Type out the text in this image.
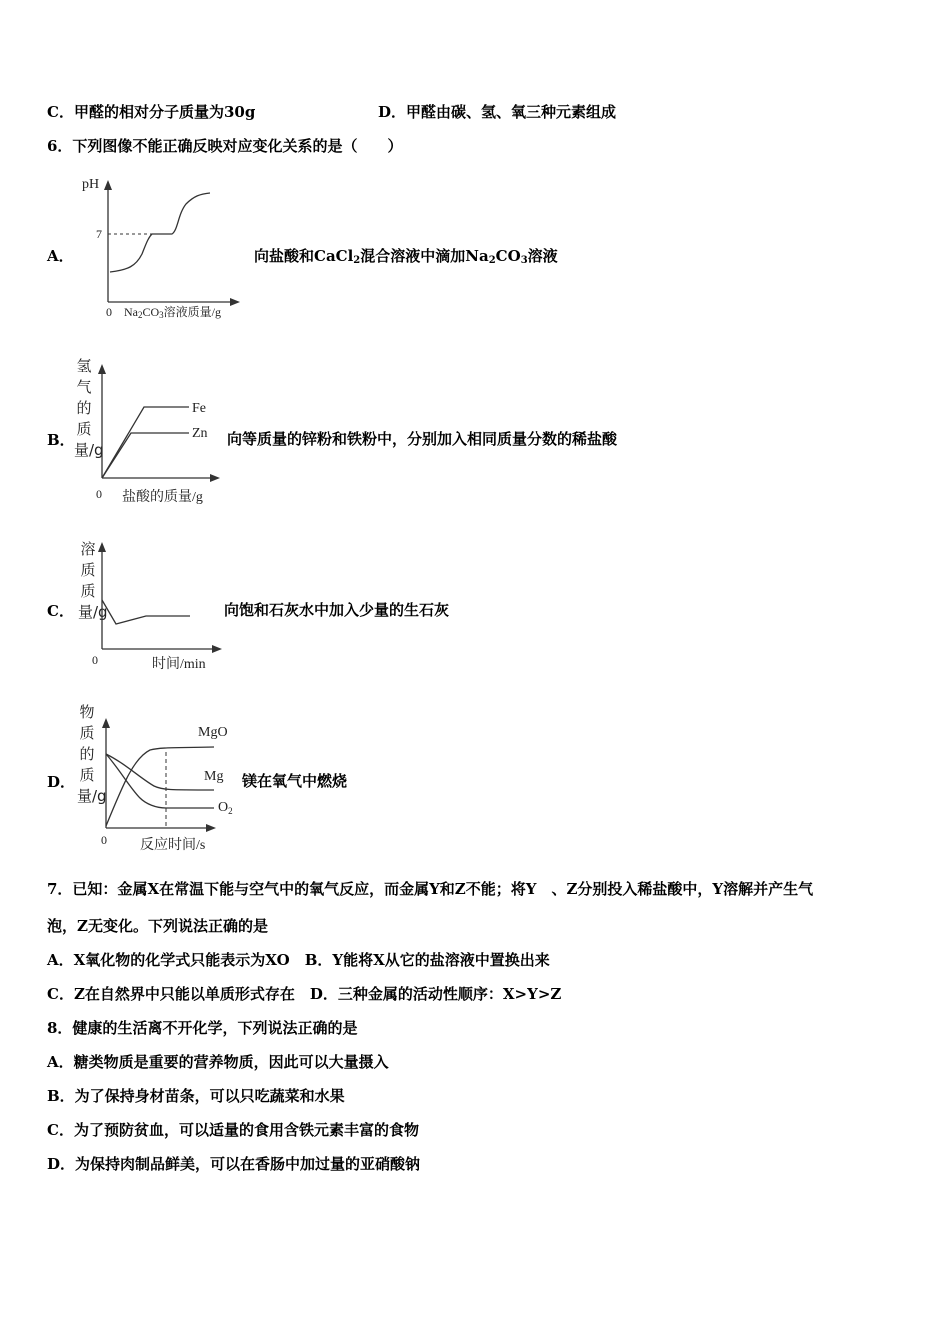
C．甲醛的相对分子质量为30g	D．甲醛由碳、氢、氧三种元素组成
6．下列图像不能正确反映对应变化关系的是（　　）
A．
pH
7
0 Na2CO3溶液质量/g
向盐酸和CaCl$_2$混合溶液中滴加$Na_2CO_3$溶液
B．
氢气的质量/g
Fe
Zn
0 盐酸的质量/g
向等质量的锌粉和铁粉中，分别加入相同质量分数的稀盐酸
C．
溶质质量/g
0	时间/min
向饱和石灰水中加入少量的生石灰
D．
物质的质量/g
MgO
Mg
$O_2$
0 反应时间/s
镁在氧气中燃烧
7．已知：金属X在常温下能与空气中的氧气反应，而金属Y和Z不能；将Y　、Z分别投入稀盐酸中，Y溶解并产生气
泡，Z无变化。下列说法正确的是
A．X氧化物的化学式只能表示为XO　B．Y能将X从它的盐溶液中置换出来
C．Z在自然界中只能以单质形式存在　D．三种金属的活动性顺序：X>Y>Z
8．健康的生活离不开化学，下列说法正确的是
A．糖类物质是重要的营养物质，因此可以大量摄入
B．为了保持身材苗条，可以只吃蔬菜和水果
C．为了预防贫血，可以适量的食用含铁元素丰富的食物
D．为保持肉制品鲜美，可以在香肠中加过量的亚硝酸钠
